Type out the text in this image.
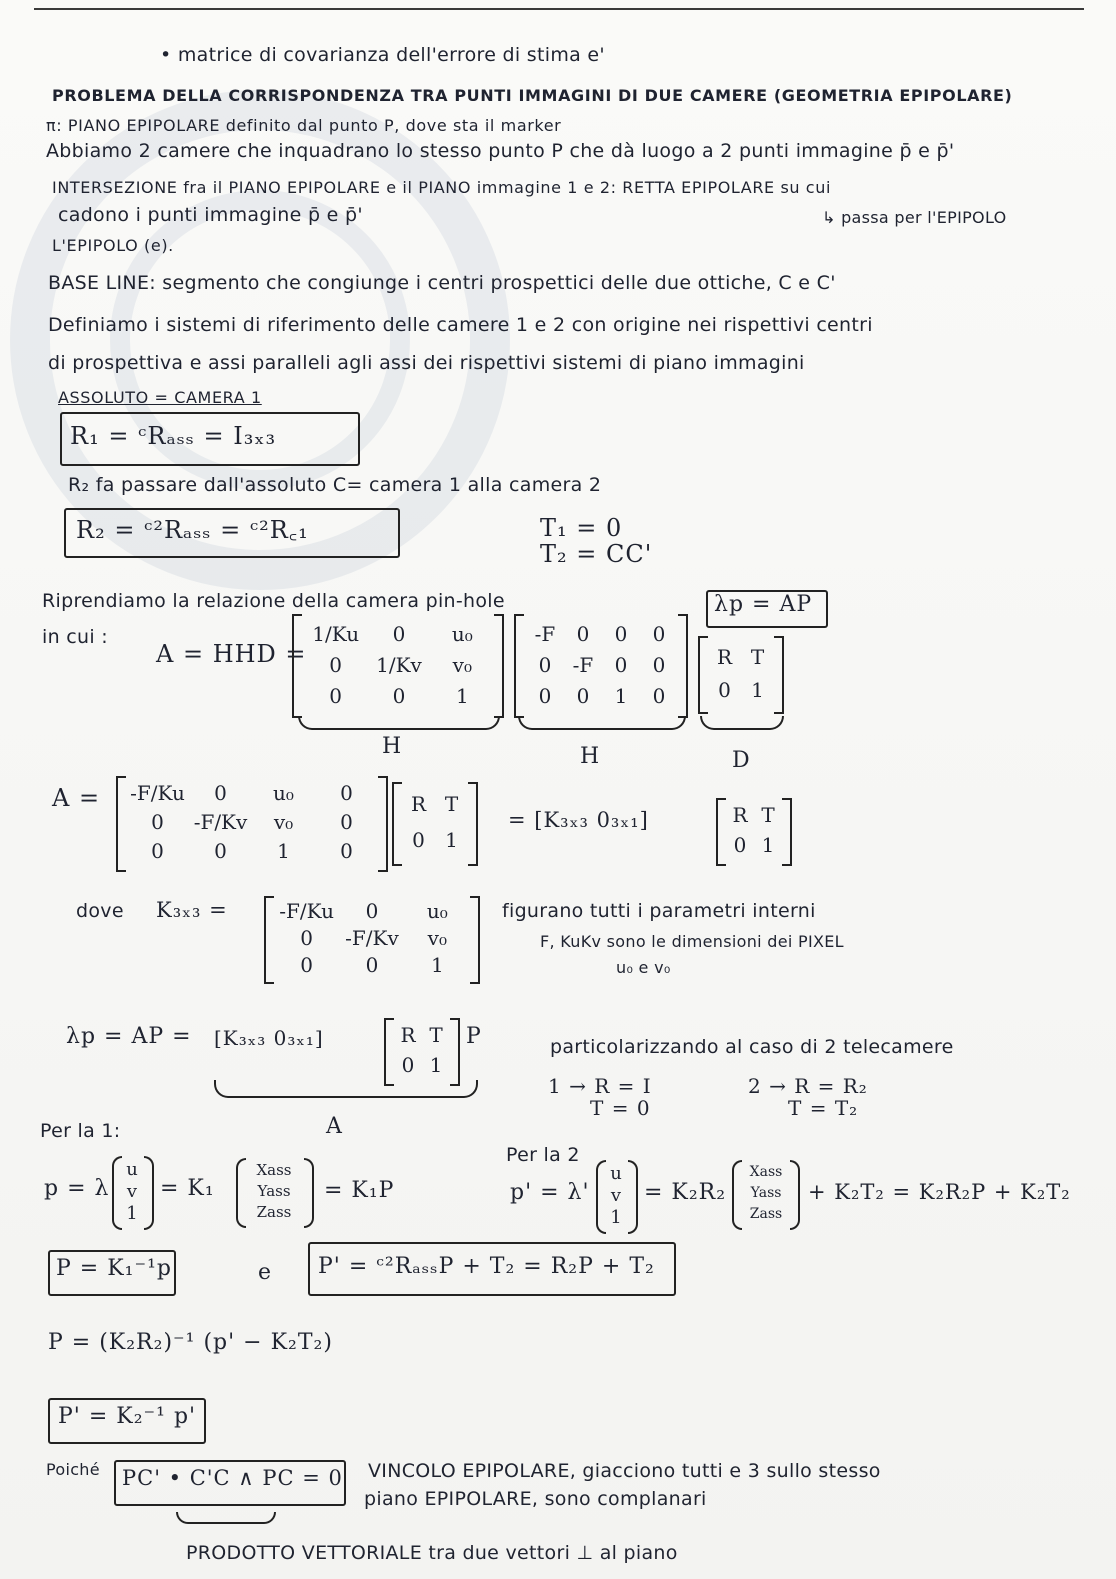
• matrice di covarianza dell'errore di stima e'
PROBLEMA DELLA CORRISPONDENZA TRA PUNTI IMMAGINI DI DUE CAMERE (GEOMETRIA EPIPOLARE)
π: PIANO EPIPOLARE definito dal punto P, dove sta il marker
Abbiamo 2 camere che inquadrano lo stesso punto P che dà luogo a 2 punti immagine p̄ e p̄'
INTERSEZIONE fra il PIANO EPIPOLARE e il PIANO immagine 1 e 2: RETTA EPIPOLARE su cui
cadono i punti immagine p̄ e p̄'	↳ passa per l'EPIPOLO
L'EPIPOLO (e).
BASE LINE: segmento che congiunge i centri prospettici delle due ottiche, C e C'
Definiamo i sistemi di riferimento delle camere 1 e 2 con origine nei rispettivi centri
di prospettiva e assi paralleli agli assi dei rispettivi sistemi di piano immagini
ASSOLUTO = CAMERA 1
R₁ = ᶜRₐₛₛ = I₃ₓ₃
R₂ fa passare dall'assoluto C= camera 1 alla camera 2
R₂ = ᶜ²Rₐₛₛ = ᶜ²R꜀₁	T₁ = 0
T₂ = CC'
Riprendiamo la relazione della camera pin-hole	λp = AP
in cui :
A = HHD =
1/Ku	0	u₀
0	1/Kv	v₀
0	0	1
-F	0	0	0
0	-F	0	0
0	0	1	0
R T
0	1
H	H	D
A = -F/Ku	0	u₀	0
0	-F/Kv	v₀	0
0	0	1	0
R T
0	1
= [K₃ₓ₃ 0₃ₓ₁]	R T
0 1
dove K₃ₓ₃ =	-F/Ku	0	u₀
0	-F/Kv	v₀
0	0	1
figurano tutti i parametri interni
F, KuKv sono le dimensioni dei PIXEL
u₀ e v₀
λp = AP = [K₃ₓ₃ 0₃ₓ₁]	R T
0 1
P
A
particolarizzando al caso di 2 telecamere
1 → R = I
T = 0
2 → R = R₂
T = T₂
Per la 1:
Per la 2
p = λ
u
v
1
= K₁
Xass
Yass
Zass
= K₁P	p' = λ'
u
v
1
= K₂R₂
Xass
Yass
Zass
+ K₂T₂ = K₂R₂P + K₂T₂
P = K₁⁻¹p	e P' = ᶜ²RₐₛₛP + T₂ = R₂P + T₂
P = (K₂R₂)⁻¹ (p' − K₂T₂)
P' = K₂⁻¹ p'
Poiché PC' • C'C ∧ PC = 0 VINCOLO EPIPOLARE, giacciono tutti e 3 sullo stesso
piano EPIPOLARE, sono complanari
PRODOTTO VETTORIALE tra due vettori ⊥ al piano
